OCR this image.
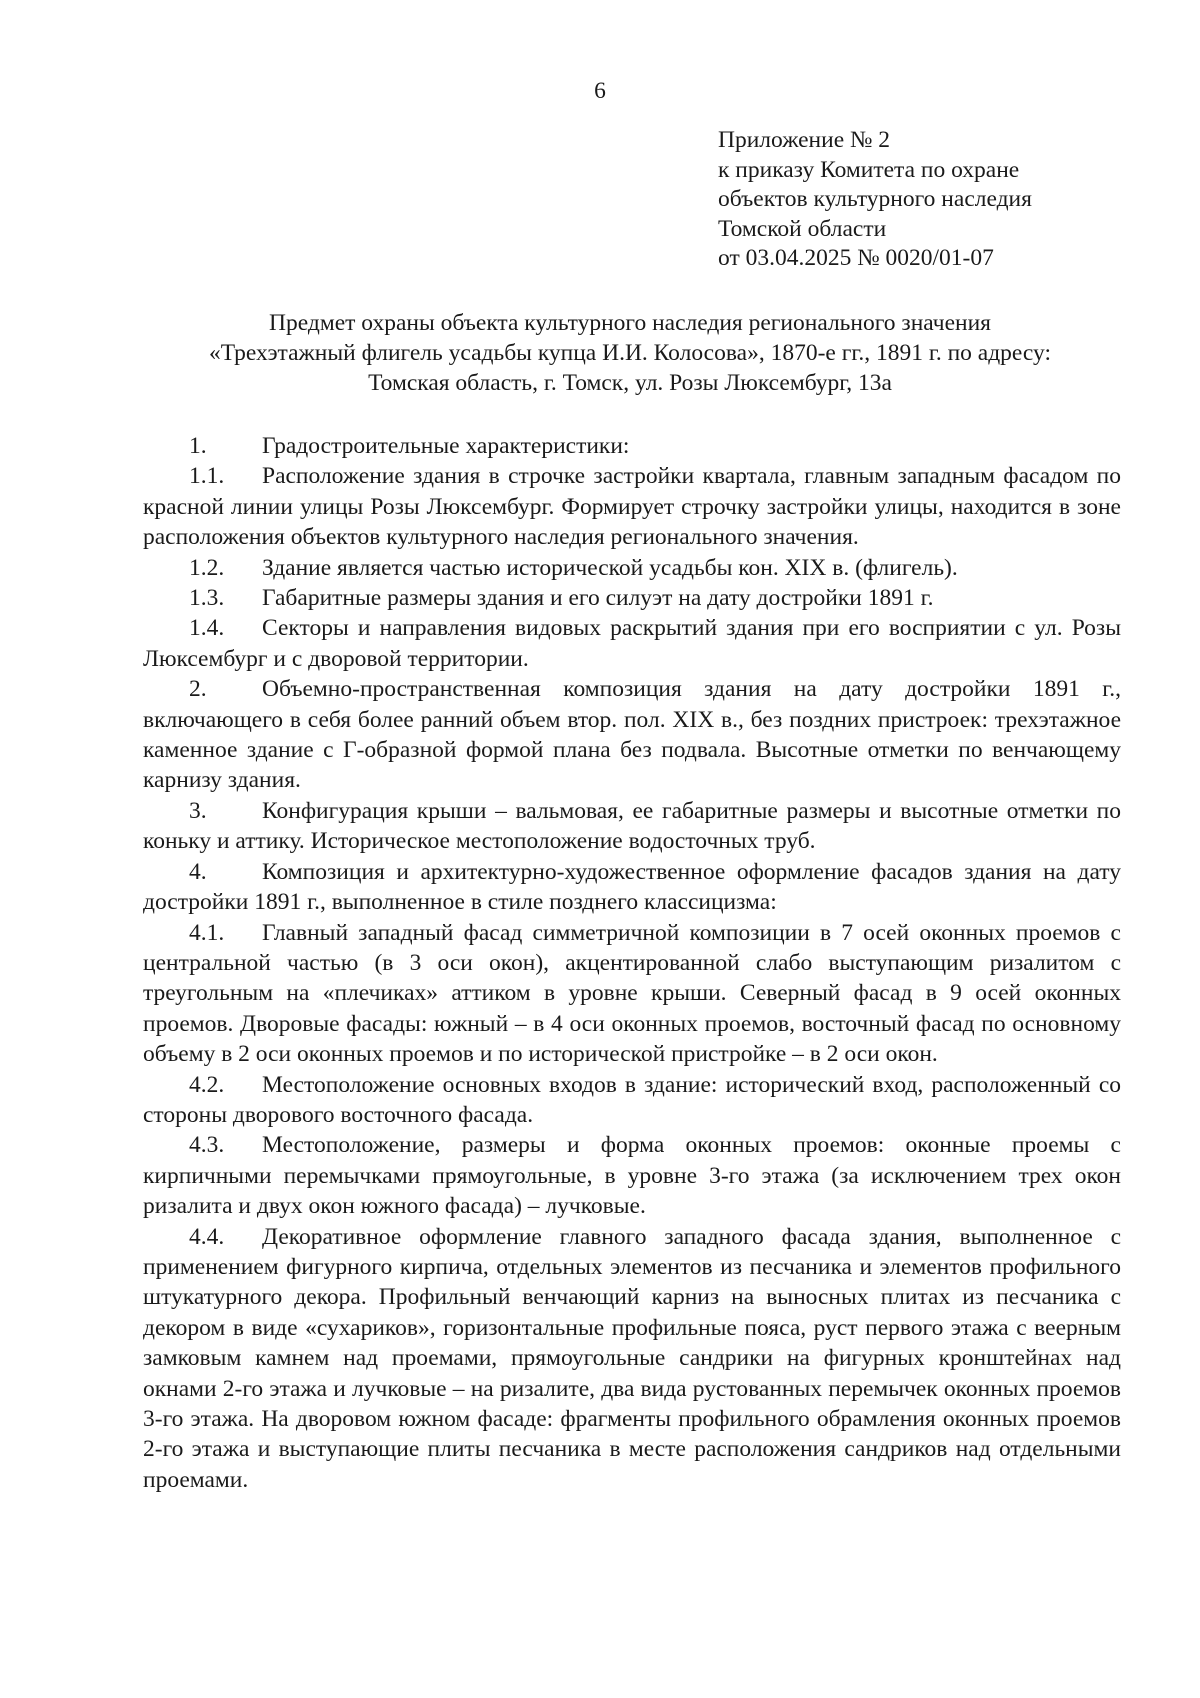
6
Приложение № 2
к приказу Комитета по охране
объектов культурного наследия
Томской области
от 03.04.2025 № 0020/01-07
Предмет охраны объекта культурного наследия регионального значения
«Трехэтажный флигель усадьбы купца И.И. Колосова», 1870-е гг., 1891 г. по адресу:
Томская область, г. Томск, ул. Розы Люксембург, 13а

1. Градостроительные характеристики:

1.1. Расположение здания в строчке застройки квартала, главным западным фасадом по красной линии улицы Розы Люксембург. Формирует строчку застройки улицы, находится в зоне расположения объектов культурного наследия регионального значения.

1.2. Здание является частью исторической усадьбы кон. XIX в. (флигель).

1.3. Габаритные размеры здания и его силуэт на дату достройки 1891 г.

1.4. Секторы и направления видовых раскрытий здания при его восприятии с ул. Розы Люксембург и с дворовой территории.

2. Объемно-пространственная композиция здания на дату достройки 1891 г., включающего в себя более ранний объем втор. пол. XIX в., без поздних пристроек: трехэтажное каменное здание с Г-образной формой плана без подвала. Высотные отметки по венчающему карнизу здания.

3. Конфигурация крыши – вальмовая, ее габаритные размеры и высотные отметки по коньку и аттику. Историческое местоположение водосточных труб.

4. Композиция и архитектурно-художественное оформление фасадов здания на дату достройки 1891 г., выполненное в стиле позднего классицизма:

4.1. Главный западный фасад симметричной композиции в 7 осей оконных проемов с центральной частью (в 3 оси окон), акцентированной слабо выступающим ризалитом с треугольным на «плечиках» аттиком в уровне крыши. Северный фасад в 9 осей оконных проемов. Дворовые фасады: южный – в 4 оси оконных проемов, восточный фасад по основному объему в 2 оси оконных проемов и по исторической пристройке – в 2 оси окон.

4.2. Местоположение основных входов в здание: исторический вход, расположенный со стороны дворового восточного фасада.

4.3. Местоположение, размеры и форма оконных проемов: оконные проемы с кирпичными перемычками прямоугольные, в уровне 3-го этажа (за исключением трех окон ризалита и двух окон южного фасада) – лучковые.

4.4. Декоративное оформление главного западного фасада здания, выполненное с применением фигурного кирпича, отдельных элементов из песчаника и элементов профильного штукатурного декора. Профильный венчающий карниз на выносных плитах из песчаника с декором в виде «сухариков», горизонтальные профильные пояса, руст первого этажа с веерным замковым камнем над проемами, прямоугольные сандрики на фигурных кронштейнах над окнами 2-го этажа и лучковые – на ризалите, два вида рустованных перемычек оконных проемов 3-го этажа. На дворовом южном фасаде: фрагменты профильного обрамления оконных проемов 2-го этажа и выступающие плиты песчаника в месте расположения сандриков над отдельными проемами.
